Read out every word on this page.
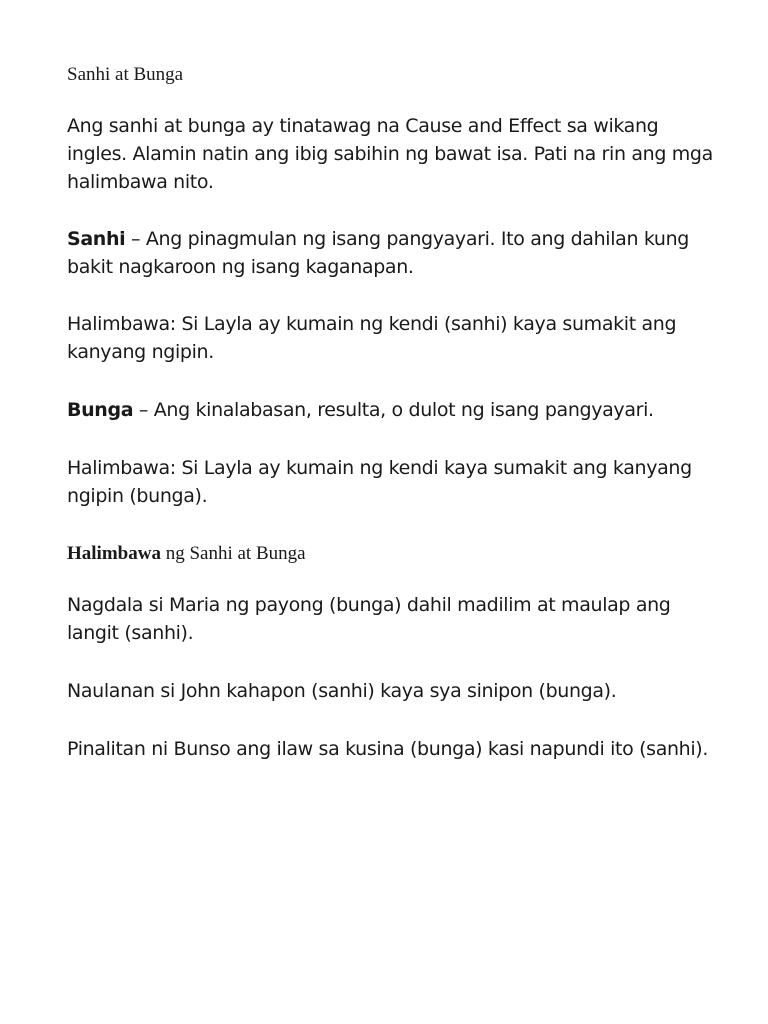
Sanhi at Bunga

Ang sanhi at bunga ay tinatawag na Cause and Effect sa wikang ingles. Alamin natin ang ibig sabihin ng bawat isa. Pati na rin ang mga halimbawa nito.

Sanhi – Ang pinagmulan ng isang pangyayari. Ito ang dahilan kung bakit nagkaroon ng isang kaganapan.

Halimbawa: Si Layla ay kumain ng kendi (sanhi) kaya sumakit ang kanyang ngipin.

Bunga – Ang kinalabasan, resulta, o dulot ng isang pangyayari.

Halimbawa: Si Layla ay kumain ng kendi kaya sumakit ang kanyang ngipin (bunga).

Halimbawa ng Sanhi at Bunga

Nagdala si Maria ng payong (bunga) dahil madilim at maulap ang langit (sanhi).

Naulanan si John kahapon (sanhi) kaya sya sinipon (bunga).

Pinalitan ni Bunso ang ilaw sa kusina (bunga) kasi napundi ito (sanhi).
